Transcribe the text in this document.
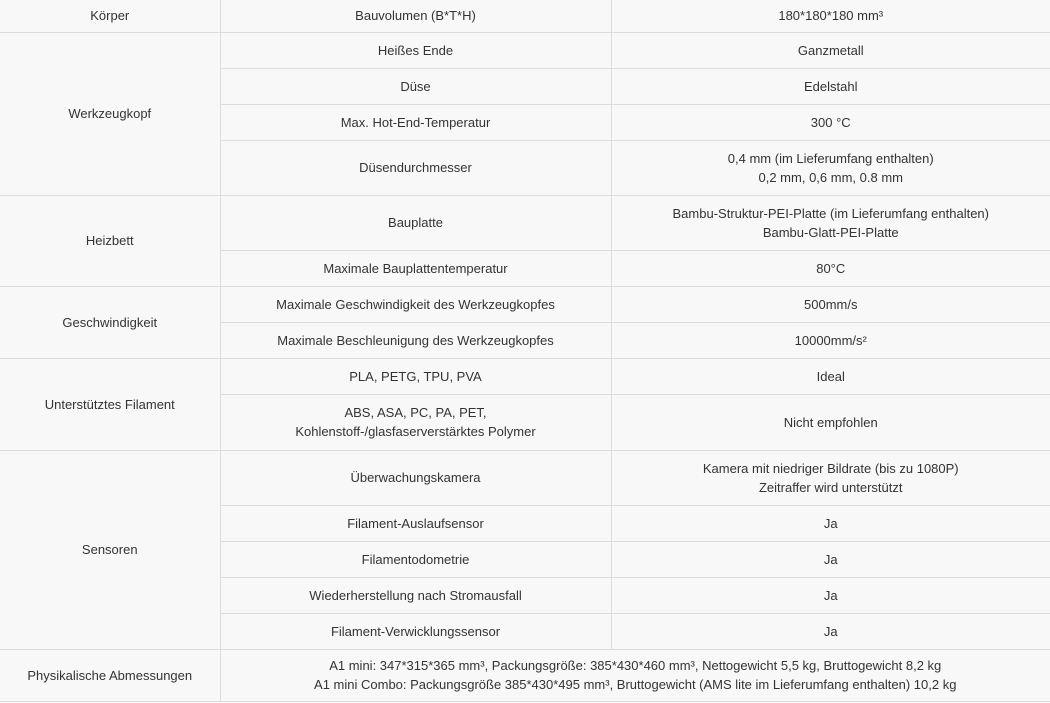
Körper	Bauvolumen (B*T*H)	180*180*180 mm³

Werkzeugkopf	Heißes Ende	Ganzmetall

	Düse	Edelstahl

	Max. Hot-End-Temperatur	300 °C

	Düsendurchmesser	0,4 mm (im Lieferumfang enthalten)
0,2 mm, 0,6 mm, 0.8 mm

Heizbett	Bauplatte	Bambu-Struktur-PEI-Platte (im Lieferumfang enthalten)
Bambu-Glatt-PEI-Platte

	Maximale Bauplattentemperatur	80°C

Geschwindigkeit	Maximale Geschwindigkeit des Werkzeugkopfes	500mm/s

	Maximale Beschleunigung des Werkzeugkopfes	10000mm/s²

Unterstütztes Filament	PLA, PETG, TPU, PVA	Ideal

	ABS, ASA, PC, PA, PET,
Kohlenstoff-/glasfaserverstärktes Polymer	Nicht empfohlen

Sensoren	Überwachungskamera	Kamera mit niedriger Bildrate (bis zu 1080P)
Zeitraffer wird unterstützt

	Filament-Auslaufsensor	Ja

	Filamentodometrie	Ja

	Wiederherstellung nach Stromausfall	Ja

	Filament-Verwicklungssensor	Ja

Physikalische Abmessungen	A1 mini: 347*315*365 mm³, Packungsgröße: 385*430*460 mm³, Nettogewicht 5,5 kg, Bruttogewicht 8,2 kg
A1 mini Combo: Packungsgröße 385*430*495 mm³, Bruttogewicht (AMS lite im Lieferumfang enthalten) 10,2 kg	
